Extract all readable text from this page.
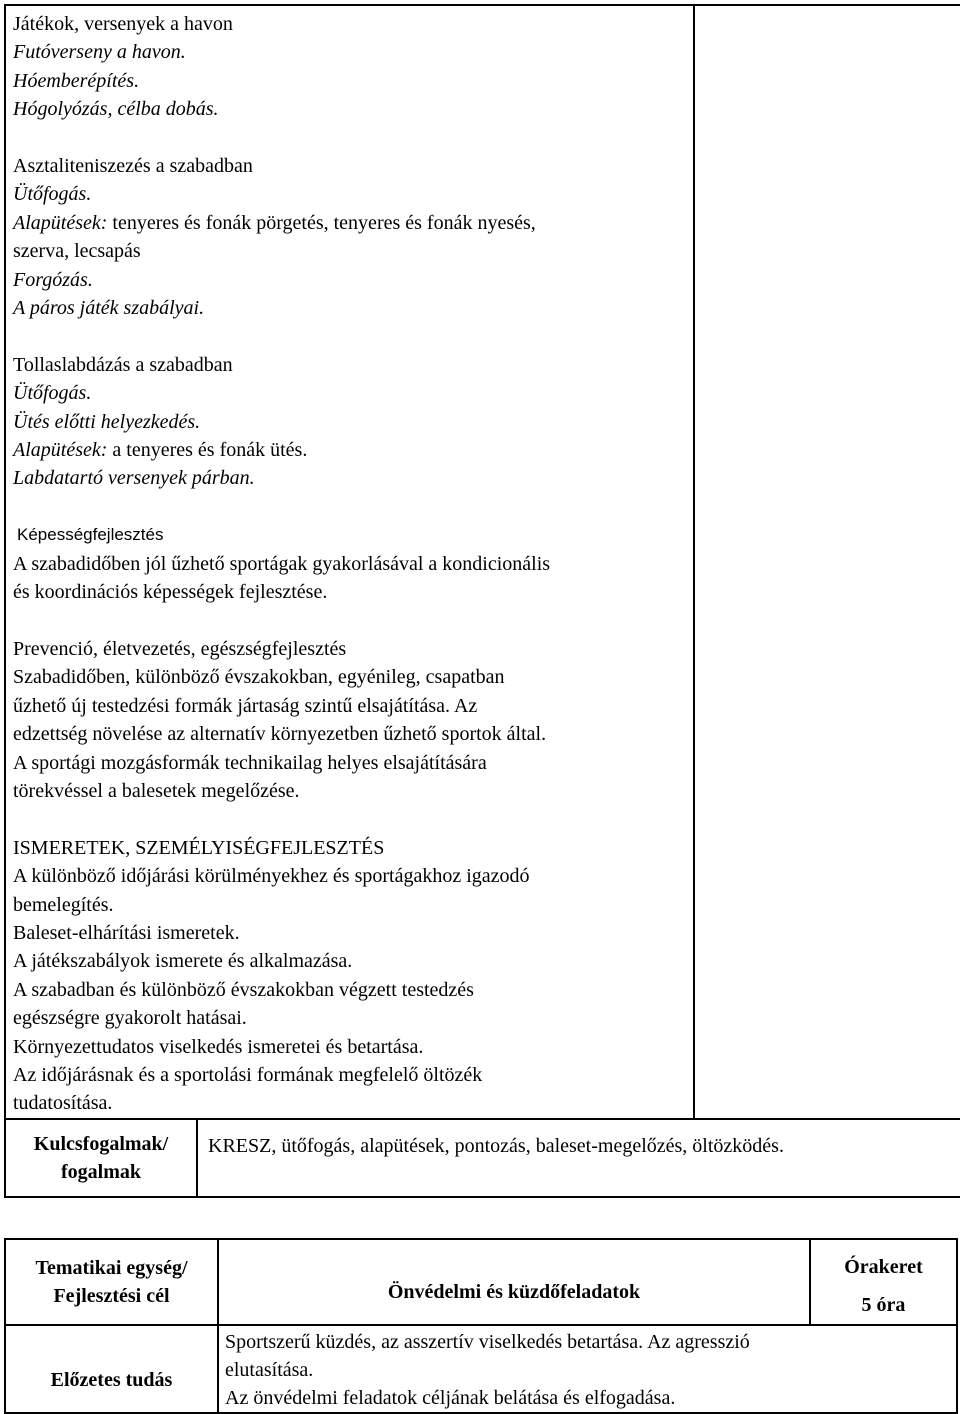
Játékok, versenyek a havon
Futóverseny a havon.
Hóemberépítés.
Hógolyózás, célba dobás.
Asztaliteniszezés a szabadban
Ütőfogás.
Alapütések: tenyeres és fonák pörgetés, tenyeres és fonák nyesés,
szerva, lecsapás
Forgózás.
A páros játék szabályai.
Tollaslabdázás a szabadban
Ütőfogás.
Ütés előtti helyezkedés.
Alapütések: a tenyeres és fonák ütés.
Labdatartó versenyek párban.
Képességfejlesztés
A szabadidőben jól űzhető sportágak gyakorlásával a kondicionális
és koordinációs képességek fejlesztése.
Prevenció, életvezetés, egészségfejlesztés
Szabadidőben, különböző évszakokban, egyénileg, csapatban
űzhető új testedzési formák jártaság szintű elsajátítása. Az
edzettség növelése az alternatív környezetben űzhető sportok által.
A sportági mozgásformák technikailag helyes elsajátítására
törekvéssel a balesetek megelőzése.
ISMERETEK, SZEMÉLYISÉGFEJLESZTÉS
A különböző időjárási körülményekhez és sportágakhoz igazodó
bemelegítés.
Baleset-elhárítási ismeretek.
A játékszabályok ismerete és alkalmazása.
A szabadban és különböző évszakokban végzett testedzés
egészségre gyakorolt hatásai.
Környezettudatos viselkedés ismeretei és betartása.
Az időjárásnak és a sportolási formának megfelelő öltözék
tudatosítása.

Kulcsfogalmak/
fogalmak
	KRESZ, ütőfogás, alapütések, pontozás, baleset-megelőzés, öltözködés.
Tematikai egység/
Fejlesztési cél	Önvédelmi és küzdőfeladatok	Órakeret
5 óra

Előzetes tudás	Sportszerű küzdés, az asszertív viselkedés betartása. Az agresszió
elutasítása.
Az önvédelmi feladatok céljának belátása és elfogadása.	
